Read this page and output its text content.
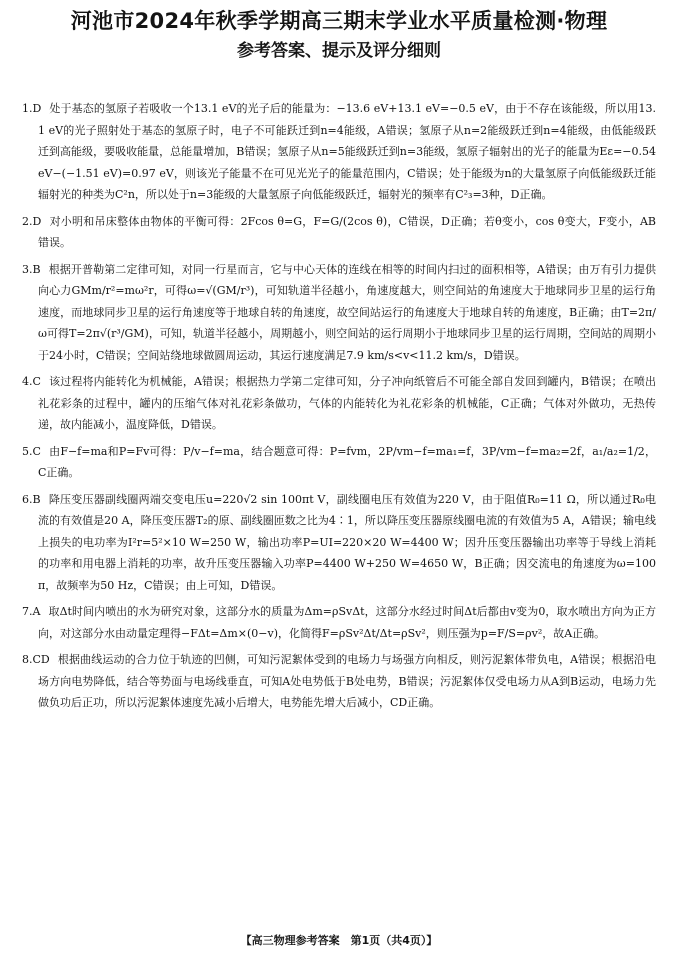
河池市2024年秋季学期高三期末学业水平质量检测·物理
参考答案、提示及评分细则

1.D 处于基态的氢原子若吸收一个13.1 eV的光子后的能量为：−13.6 eV+13.1 eV=−0.5 eV，由于不存在该能级，所以用13.1 eV的光子照射处于基态的氢原子时，电子不可能跃迁到n=4能级，A错误；氢原子从n=2能级跃迁到n=4能级，由低能级跃迁到高能级，要吸收能量，总能量增加，B错误；氢原子从n=5能级跃迁到n=3能级，氢原子辐射出的光子的能量为Eε=−0.54 eV−(−1.51 eV)=0.97 eV，则该光子能量不在可见光光子的能量范围内，C错误；处于能级为n的大量氢原子向低能级跃迁能辐射光的种类为C²n，所以处于n=3能级的大量氢原子向低能级跃迁，辐射光的频率有C²₃=3种，D正确。

2.D 对小明和吊床整体由物体的平衡可得：2Fcos θ=G，F=G/(2cos θ)，C错误，D正确；若θ变小，cos θ变大，F变小，AB错误。

3.B 根据开普勒第二定律可知，对同一行星而言，它与中心天体的连线在相等的时间内扫过的面积相等，A错误；由万有引力提供向心力GMm/r²=mω²r，可得ω=√(GM/r³)，可知轨道半径越小，角速度越大，则空间站的角速度大于地球同步卫星的运行角速度，而地球同步卫星的运行角速度等于地球自转的角速度，故空间站运行的角速度大于地球自转的角速度，B正确；由T=2π/ω可得T=2π√(r³/GM)，可知，轨道半径越小，周期越小，则空间站的运行周期小于地球同步卫星的运行周期，空间站的周期小于24小时，C错误；空间站绕地球做圆周运动，其运行速度满足7.9 km/s<v<11.2 km/s，D错误。

4.C 该过程将内能转化为机械能，A错误；根据热力学第二定律可知，分子冲向纸管后不可能全部自发回到罐内，B错误；在喷出礼花彩条的过程中，罐内的压缩气体对礼花彩条做功，气体的内能转化为礼花彩条的机械能，C正确；气体对外做功，无热传递，故内能减小，温度降低，D错误。

5.C 由F−f=ma和P=Fv可得：P/v−f=ma，结合题意可得：P=fvm，2P/vm−f=ma₁=f，3P/vm−f=ma₂=2f，a₁/a₂=1/2，C正确。

6.B 降压变压器副线圈两端交变电压u=220√2 sin 100πt V，副线圈电压有效值为220 V，由于阻值R₀=11 Ω，所以通过R₀电流的有效值是20 A，降压变压器T₂的原、副线圈匝数之比为4∶1，所以降压变压器原线圈电流的有效值为5 A，A错误；输电线上损失的电功率为I²r=5²×10 W=250 W，输出功率P=UI=220×20 W=4400 W；因升压变压器输出功率等于导线上消耗的功率和用电器上消耗的功率，故升压变压器输入功率P=4400 W+250 W=4650 W，B正确；因交流电的角速度为ω=100π，故频率为50 Hz，C错误；由上可知，D错误。

7.A 取Δt时间内喷出的水为研究对象，这部分水的质量为Δm=ρSvΔt，这部分水经过时间Δt后都由v变为0，取水喷出方向为正方向，对这部分水由动量定理得−FΔt=Δm×(0−v)，化简得F=ρSv²Δt/Δt=ρSv²，则压强为p=F/S=ρv²，故A正确。

8.CD 根据曲线运动的合力位于轨迹的凹侧，可知污泥絮体受到的电场力与场强方向相反，则污泥絮体带负电，A错误；根据沿电场方向电势降低，结合等势面与电场线垂直，可知A处电势低于B处电势，B错误；污泥絮体仅受电场力从A到B运动，电场力先做负功后正功，所以污泥絮体速度先减小后增大，电势能先增大后减小，CD正确。

【高三物理参考答案　第1页（共4页）】
